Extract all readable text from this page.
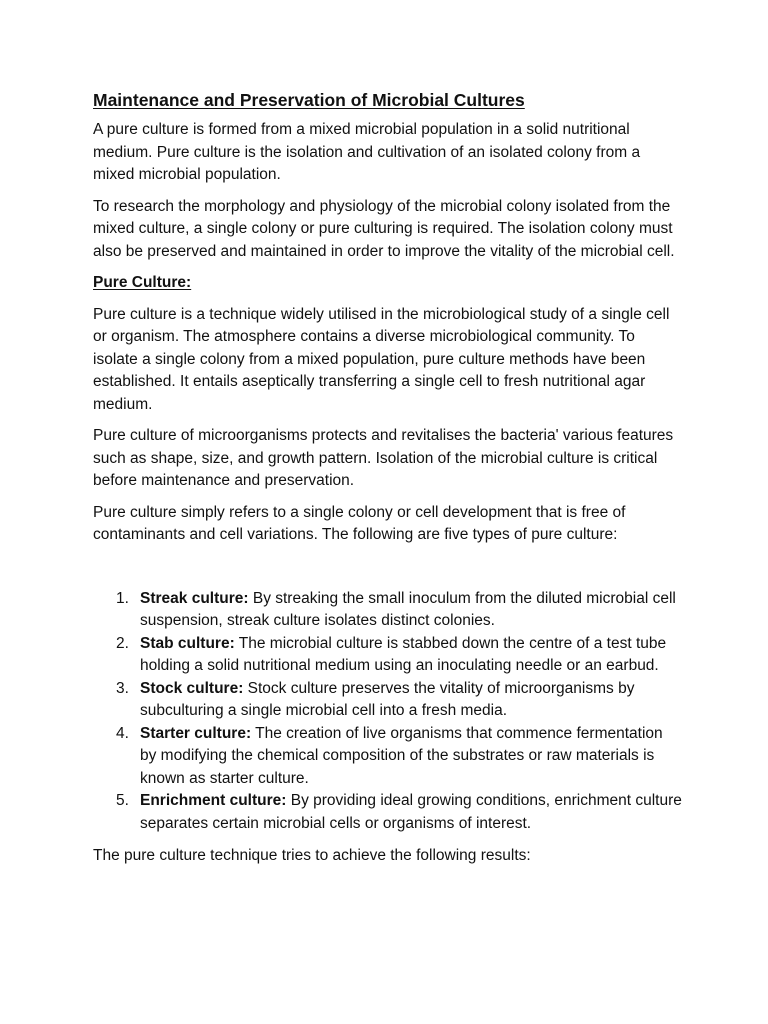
Maintenance and Preservation of Microbial Cultures

A pure culture is formed from a mixed microbial population in a solid nutritional medium. Pure culture is the isolation and cultivation of an isolated colony from a mixed microbial population.

To research the morphology and physiology of the microbial colony isolated from the mixed culture, a single colony or pure culturing is required. The isolation colony must also be preserved and maintained in order to improve the vitality of the microbial cell.

Pure Culture:

Pure culture is a technique widely utilised in the microbiological study of a single cell or organism. The atmosphere contains a diverse microbiological community. To isolate a single colony from a mixed population, pure culture methods have been established. It entails aseptically transferring a single cell to fresh nutritional agar medium.

Pure culture of microorganisms protects and revitalises the bacteria' various features such as shape, size, and growth pattern. Isolation of the microbial culture is critical before maintenance and preservation.

Pure culture simply refers to a single colony or cell development that is free of contaminants and cell variations. The following are five types of pure culture:

1. Streak culture: By streaking the small inoculum from the diluted microbial cell suspension, streak culture isolates distinct colonies.
2. Stab culture: The microbial culture is stabbed down the centre of a test tube holding a solid nutritional medium using an inoculating needle or an earbud.
3. Stock culture: Stock culture preserves the vitality of microorganisms by subculturing a single microbial cell into a fresh media.
4. Starter culture: The creation of live organisms that commence fermentation by modifying the chemical composition of the substrates or raw materials is known as starter culture.
5. Enrichment culture: By providing ideal growing conditions, enrichment culture separates certain microbial cells or organisms of interest.

The pure culture technique tries to achieve the following results:
